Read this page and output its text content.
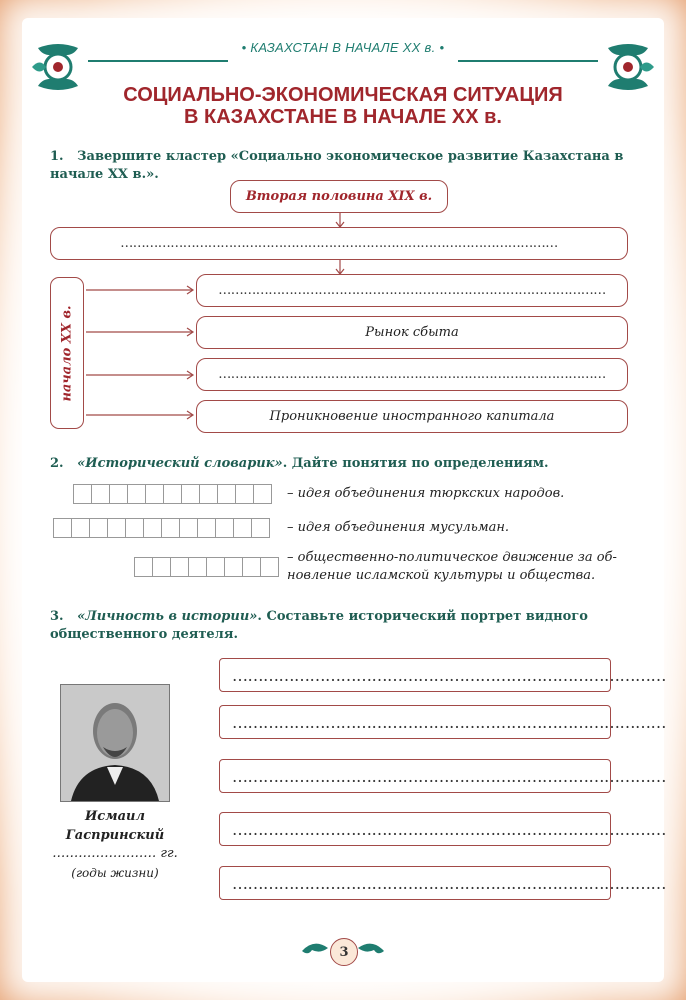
• КАЗАХСТАН В НАЧАЛЕ XX в. •
СОЦИАЛЬНО-ЭКОНОМИЧЕСКАЯ СИТУАЦИЯ
В КАЗАХСТАНЕ В НАЧАЛЕ XX в.
1. Завершите кластер «Социально экономическое развитие Казахстана в начале XX в.».
Вторая половина XIX в.
……………………………………………………………………………………………
начало XX в.
…………………………………………………………………………………
Рынок сбыта
…………………………………………………………………………………
Проникновение иностранного капитала
2. «Исторический словарик». Дайте понятия по определениям.
– идея объединения тюркских народов.
– идея объединения мусульман.
– общественно-политическое движение за об-
новление исламской культуры и общества.
3. «Личность в истории». Составьте исторический портрет видного общественного деятеля.
Исмаил
Гаспринский
…………………… гг.
(годы жизни)
…………………………………………………………………………
…………………………………………………………………………
…………………………………………………………………………
…………………………………………………………………………
…………………………………………………………………………
3
